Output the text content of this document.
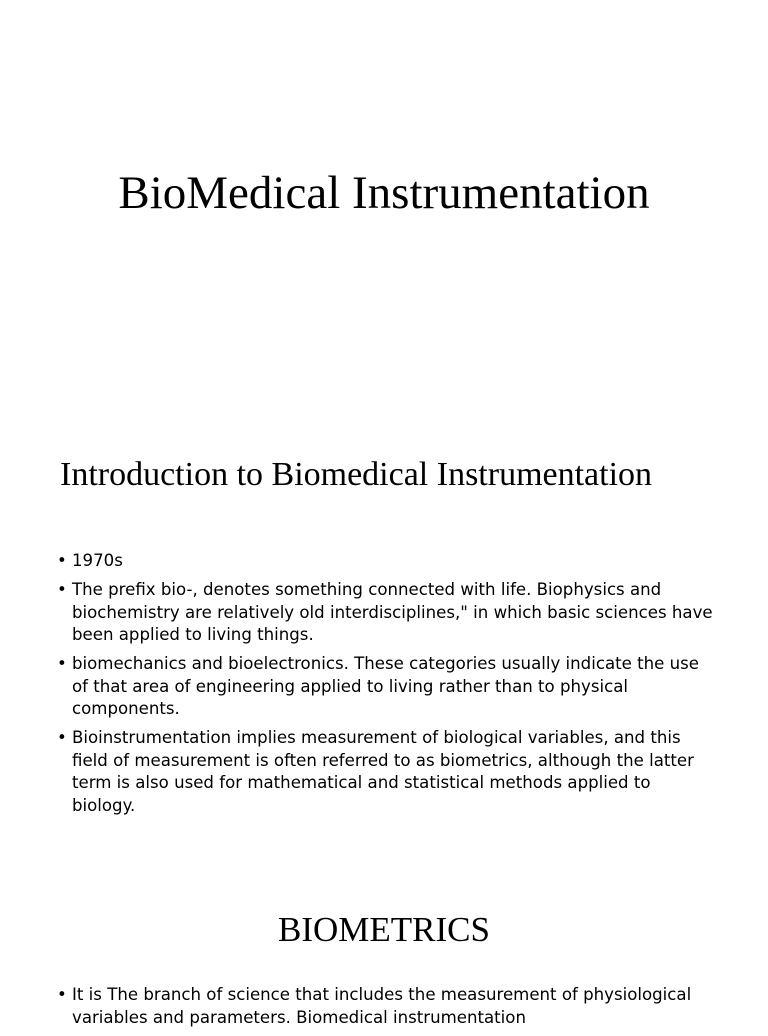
BioMedical Instrumentation
Introduction to Biomedical Instrumentation
• 1970s
• The prefix bio-, denotes something connected with life. Biophysics and biochemistry are relatively old interdisciplines," in which basic sciences have been applied to living things.
• biomechanics and bioelectronics. These categories usually indicate the use of that area of engineering applied to living rather than to physical components.
• Bioinstrumentation implies measurement of biological variables, and this field of measurement is often referred to as biometrics, although the latter term is also used for mathematical and statistical methods applied to biology.
BIOMETRICS
• It is The branch of science that includes the measurement of physiological variables and parameters. Biomedical instrumentation
